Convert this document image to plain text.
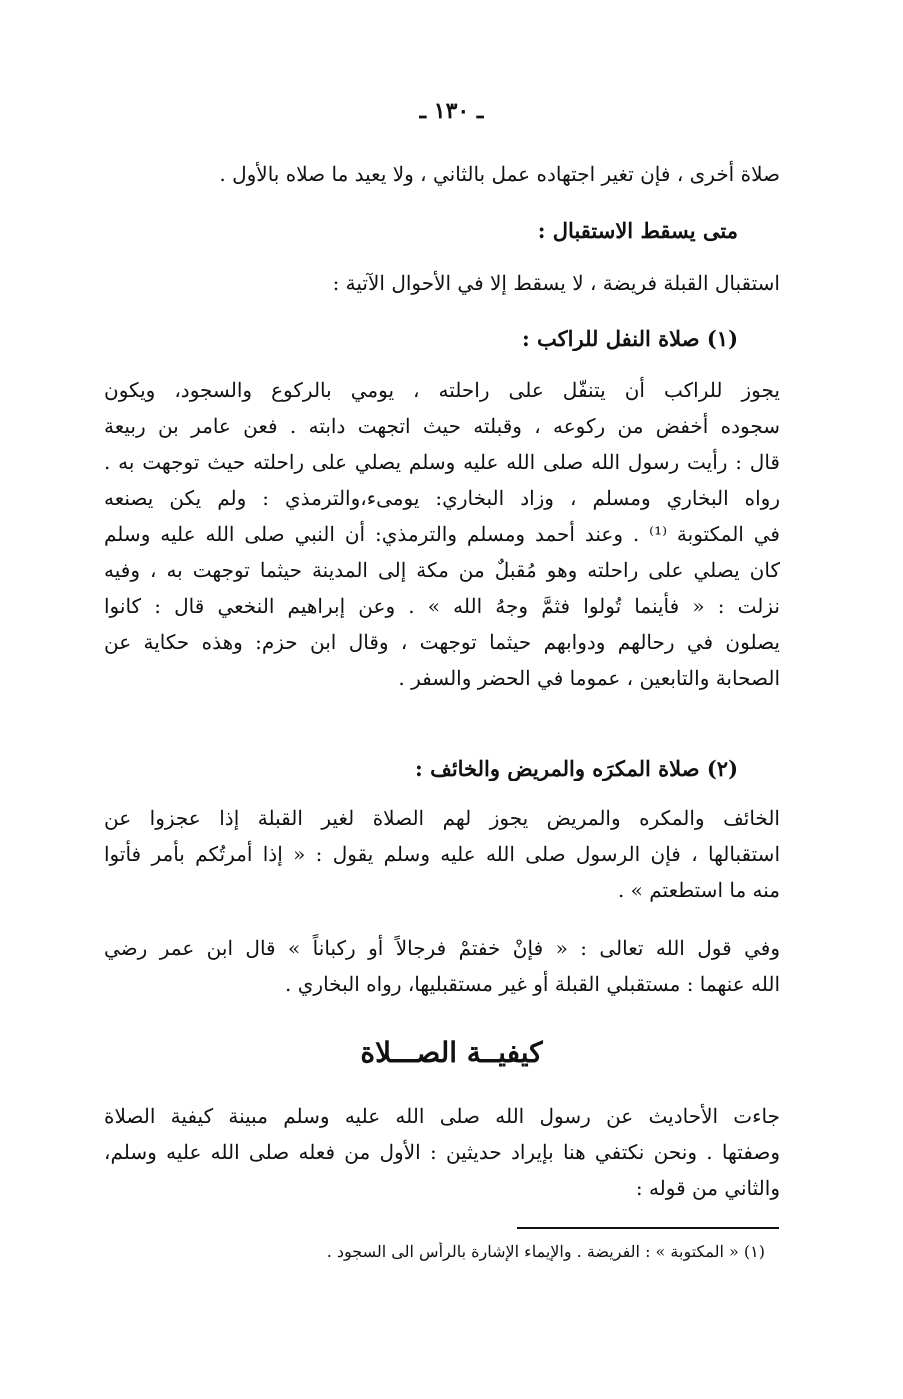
ـ ١٣٠ ـ
صلاة أخرى ، فإن تغير اجتهاده عمل بالثاني ، ولا يعيد ما صلاه بالأول .
متى يسقط الاستقبال :
استقبال القبلة فريضة ، لا يسقط إلا في الأحوال الآتية :
(١) صلاة النفل للراكب :
يجوز للراكب أن يتنفّل على راحلته ، يومي بالركوع والسجود، ويكون
سجوده أخفض من ركوعه ، وقبلته حيث اتجهت دابته . فعن عامر بن ربيعة
قال : رأيت رسول الله صلى الله عليه وسلم يصلي على راحلته حيث توجهت به .
رواه البخاري ومسلم ، وزاد البخاري: يومىء،والترمذي : ولم يكن يصنعه
في المكتوبة ⁽¹⁾ . وعند أحمد ومسلم والترمذي: أن النبي صلى الله عليه وسلم
كان يصلي على راحلته وهو مُقبلٌ من مكة إلى المدينة حيثما توجهت به ، وفيه
نزلت : « فأينما تُولوا فثمَّ وجهُ الله » . وعن إبراهيم النخعي قال : كانوا
يصلون في رحالهم ودوابهم حيثما توجهت ، وقال ابن حزم: وهذه حكاية عن
الصحابة والتابعين ، عموما في الحضر والسفر .
(٢) صلاة المكرَه والمريض والخائف :
الخائف والمكره والمريض يجوز لهم الصلاة لغير القبلة إذا عجزوا عن
استقبالها ، فإن الرسول صلى الله عليه وسلم يقول : « إذا أمرتُكم بأمر فأتوا
منه ما استطعتم » .
وفي قول الله تعالى : « فإنْ خفتمْ فرجالاً أو ركباناً » قال ابن عمر رضي
الله عنهما : مستقبلي القبلة أو غير مستقبليها، رواه البخاري .
كيفيــة الصـــلاة
جاءت الأحاديث عن رسول الله صلى الله عليه وسلم مبينة كيفية الصلاة
وصفتها . ونحن نكتفي هنا بإيراد حديثين : الأول من فعله صلى الله عليه وسلم،
والثاني من قوله :
(١) « المكتوبة » : الفريضة . والإيماء الإشارة بالرأس الى السجود .
